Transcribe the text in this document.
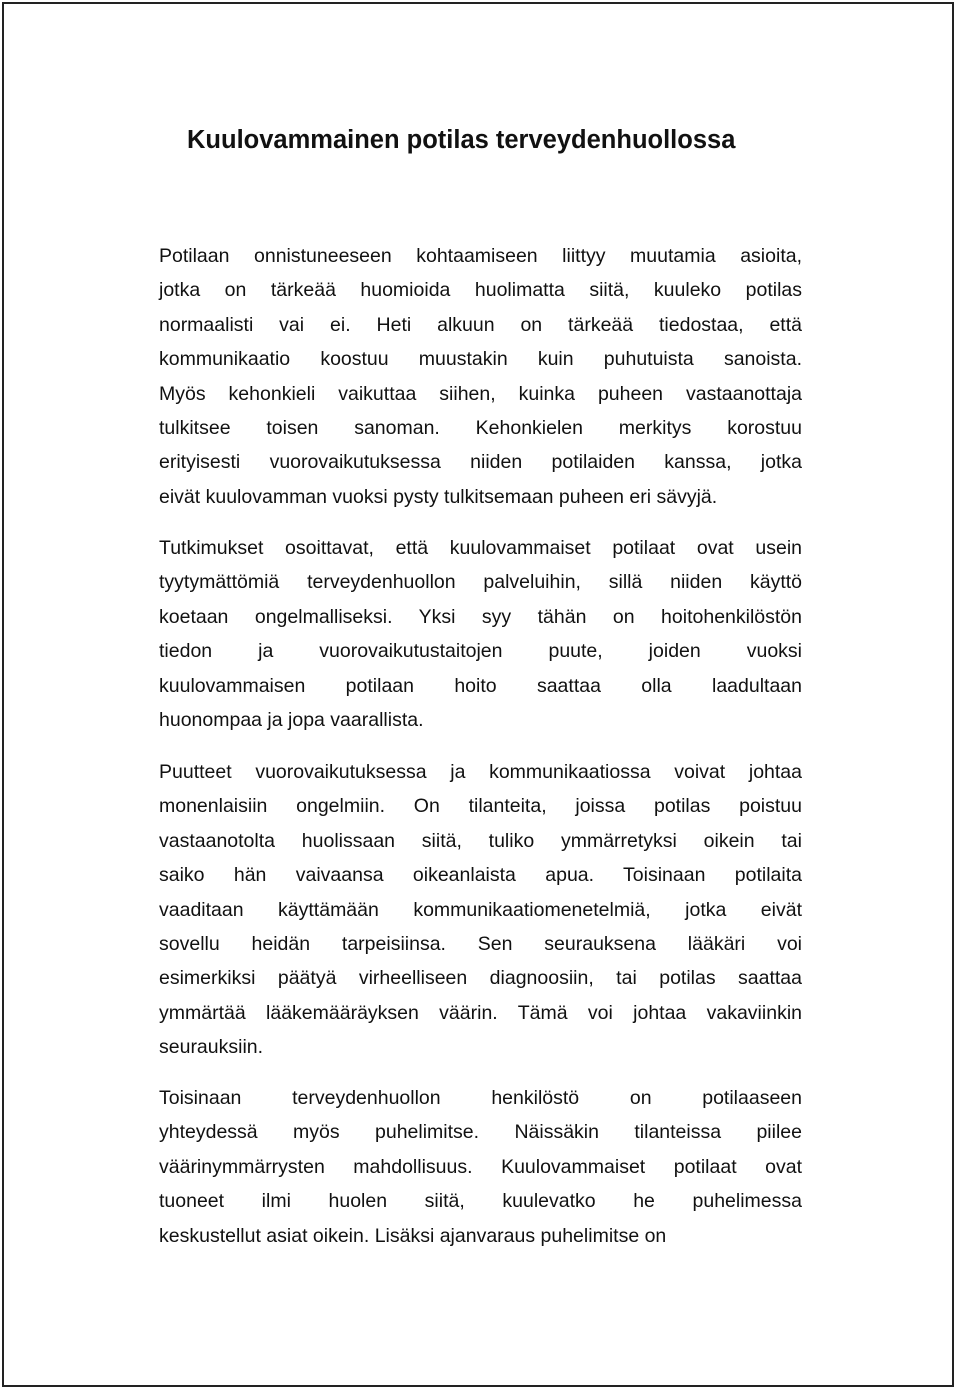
Kuulovammainen potilas terveydenhuollossa
Potilaan onnistuneeseen kohtaamiseen liittyy muutamia asioita,
jotka on tärkeää huomioida huolimatta siitä, kuuleko potilas
normaalisti vai ei. Heti alkuun on tärkeää tiedostaa, että
kommunikaatio koostuu muustakin kuin puhutuista sanoista.
Myös kehonkieli vaikuttaa siihen, kuinka puheen vastaanottaja
tulkitsee toisen sanoman. Kehonkielen merkitys korostuu
erityisesti vuorovaikutuksessa niiden potilaiden kanssa, jotka
eivät kuulovamman vuoksi pysty tulkitsemaan puheen eri sävyjä.
Tutkimukset osoittavat, että kuulovammaiset potilaat ovat usein
tyytymättömiä terveydenhuollon palveluihin, sillä niiden käyttö
koetaan ongelmalliseksi. Yksi syy tähän on hoitohenkilöstön
tiedon ja vuorovaikutustaitojen puute, joiden vuoksi
kuulovammaisen potilaan hoito saattaa olla laadultaan
huonompaa ja jopa vaarallista.
Puutteet vuorovaikutuksessa ja kommunikaatiossa voivat johtaa
monenlaisiin ongelmiin. On tilanteita, joissa potilas poistuu
vastaanotolta huolissaan siitä, tuliko ymmärretyksi oikein tai
saiko hän vaivaansa oikeanlaista apua. Toisinaan potilaita
vaaditaan käyttämään kommunikaatiomenetelmiä, jotka eivät
sovellu heidän tarpeisiinsa. Sen seurauksena lääkäri voi
esimerkiksi päätyä virheelliseen diagnoosiin, tai potilas saattaa
ymmärtää lääkemääräyksen väärin. Tämä voi johtaa vakaviinkin
seurauksiin.
Toisinaan terveydenhuollon henkilöstö on potilaaseen
yhteydessä myös puhelimitse. Näissäkin tilanteissa piilee
väärinymmärrysten mahdollisuus. Kuulovammaiset potilaat ovat
tuoneet ilmi huolen siitä, kuulevatko he puhelimessa
keskustellut asiat oikein. Lisäksi ajanvaraus puhelimitse on
